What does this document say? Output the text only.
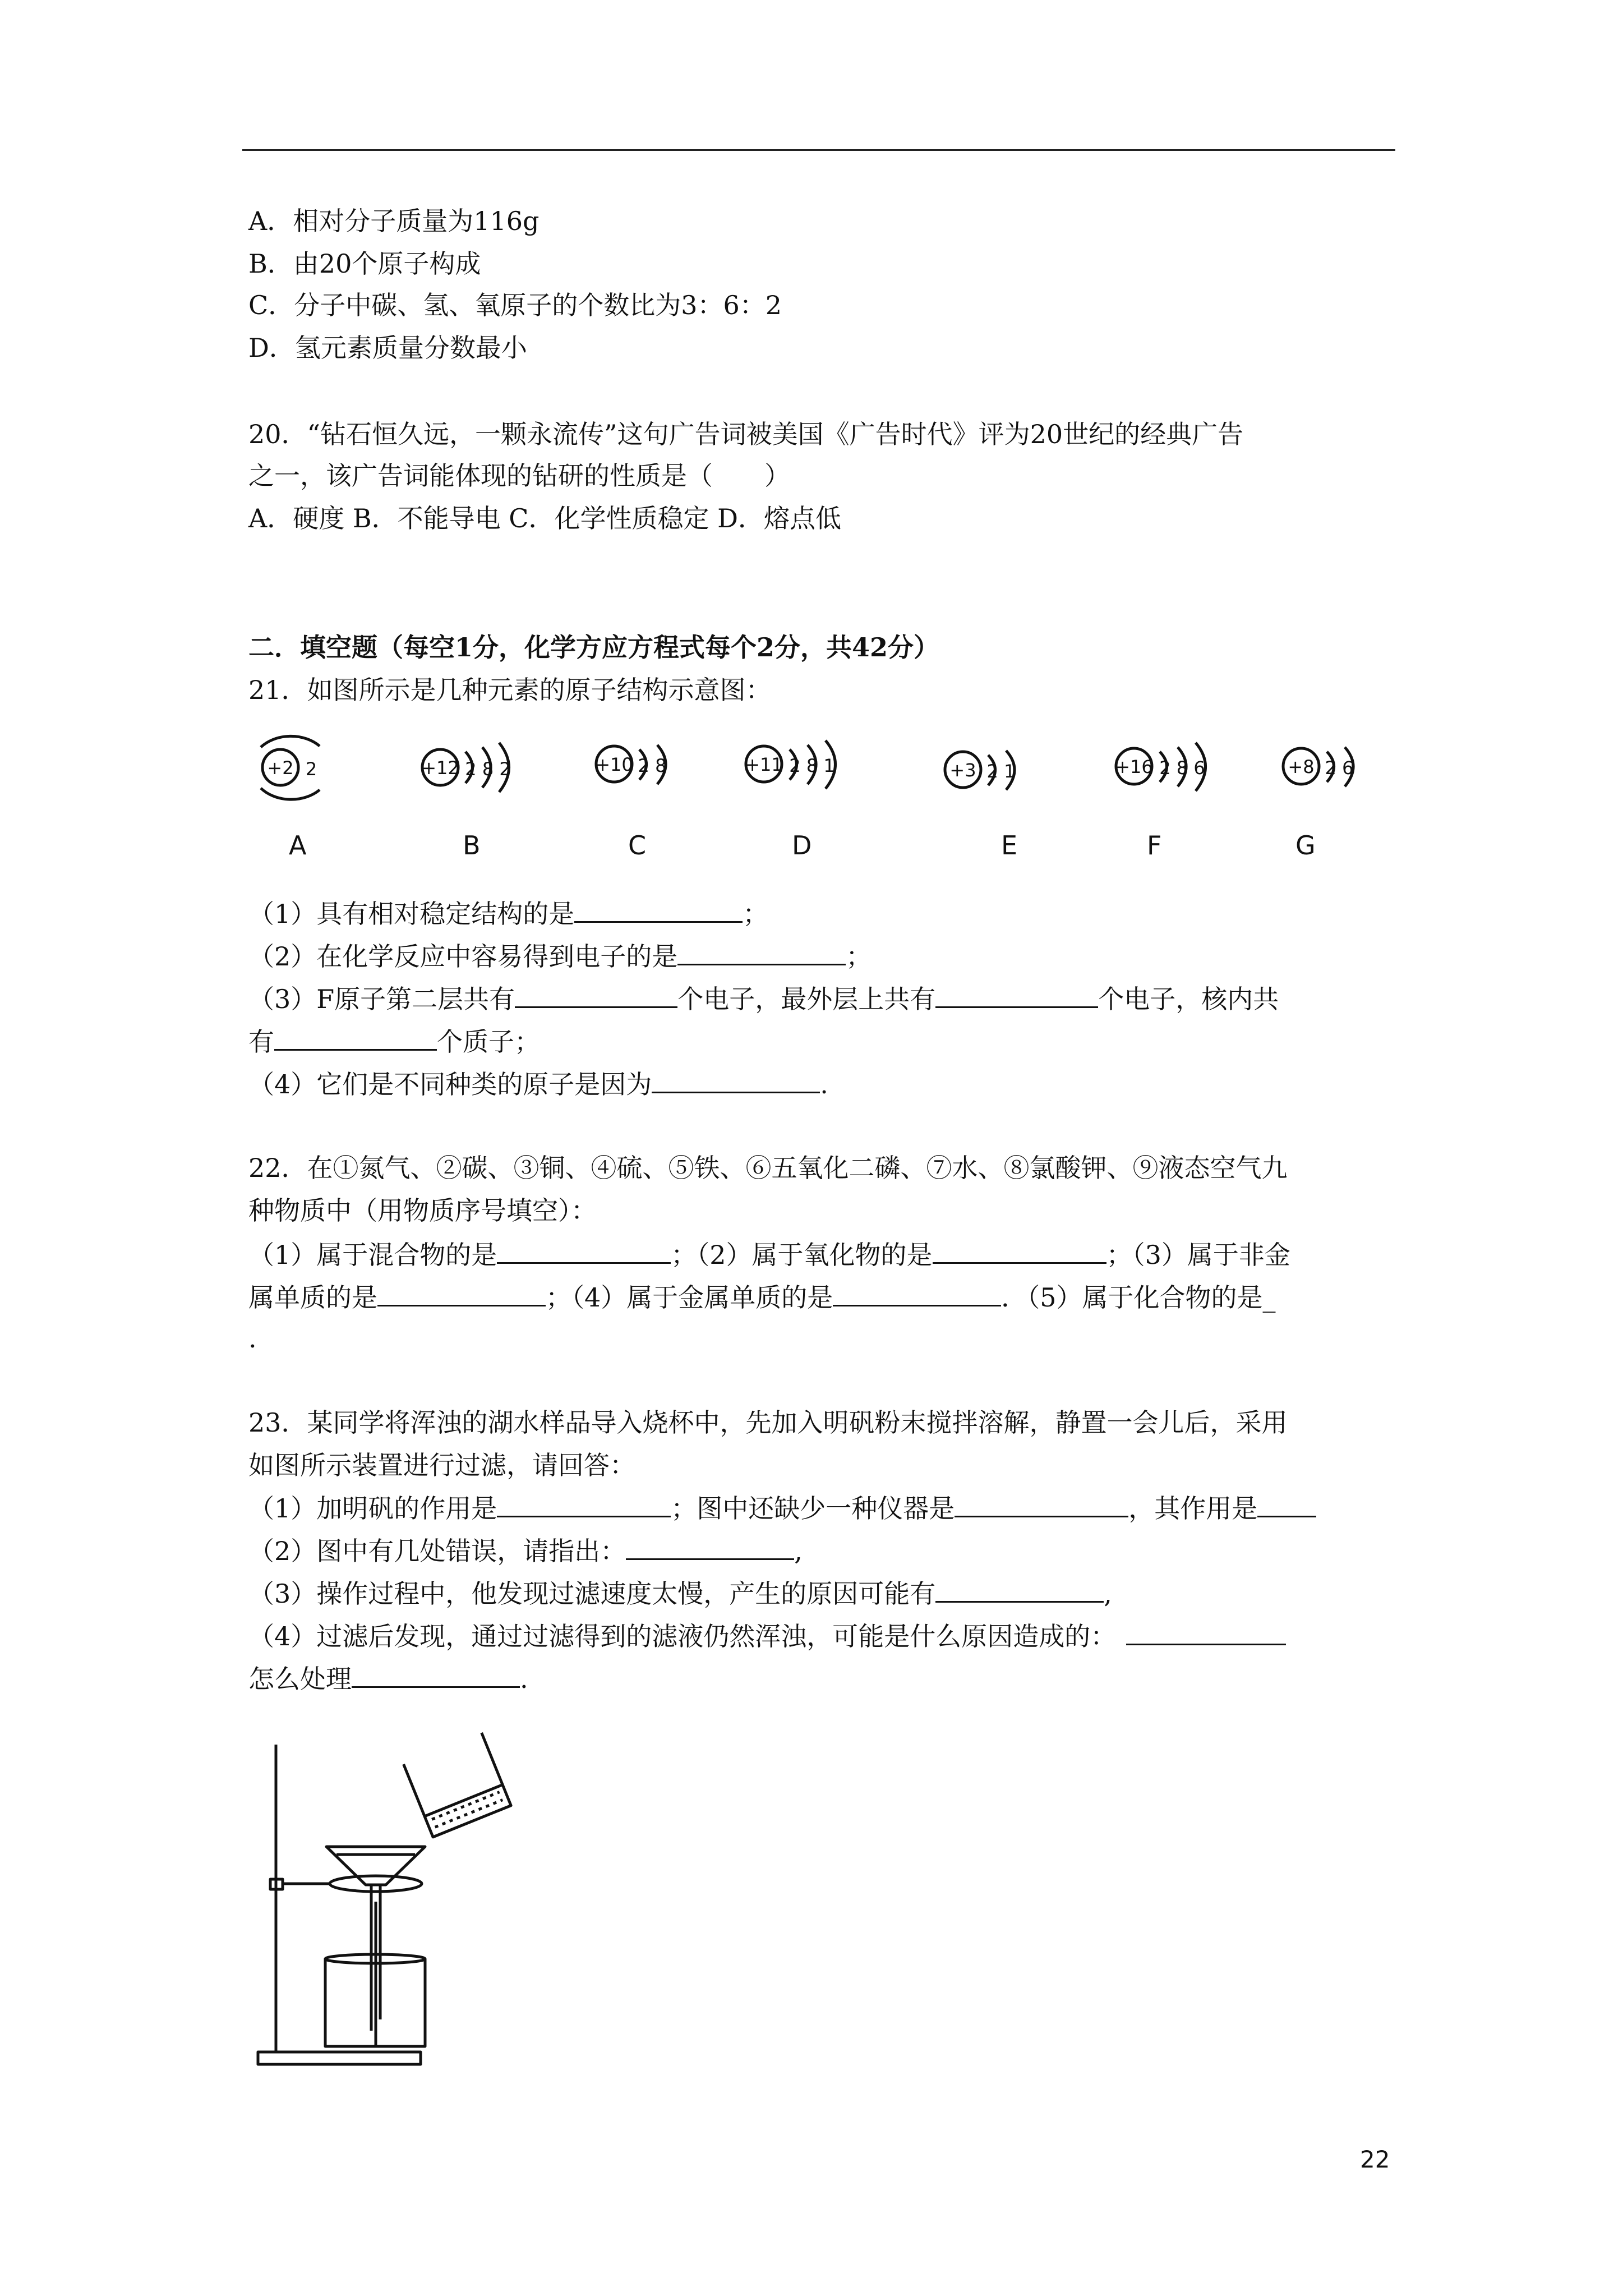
A．相对分子质量为116g
B．由20个原子构成
C．分子中碳、氢、氧原子的个数比为3：6：2
D．氢元素质量分数最小
20．“钻石恒久远，一颗永流传”这句广告词被美国《广告时代》评为20世纪的经典广告
之一，该广告词能体现的钻研的性质是（　　）
A．硬度 B．不能导电 C．化学性质稳定 D．熔点低
二．填空题（每空1分，化学方应方程式每个2分，共42分）
21．如图所示是几种元素的原子结构示意图：
+2 2	+12 2 8 2	+10 2 8	+11 2 8 1	+3 2 1	+16 2 8 6	+8 2 6
A	B	C	D	E	F	G
（1）具有相对稳定结构的是	；
（2）在化学反应中容易得到电子的是	；
（3）F原子第二层共有	个电子，最外层上共有	个电子，核内共
有	个质子；
（4）它们是不同种类的原子是因为	.
22．在①氮气、②碳、③铜、④硫、⑤铁、⑥五氧化二磷、⑦水、⑧氯酸钾、⑨液态空气九
种物质中（用物质序号填空）：
（1）属于混合物的是	；（2）属于氧化物的是	；（3）属于非金
属单质的是	；（4）属于金属单质的是	．（5）属于化合物的是_
.
23．某同学将浑浊的湖水样品导入烧杯中，先加入明矾粉末搅拌溶解，静置一会儿后，采用
如图所示装置进行过滤，请回答：
（1）加明矾的作用是	；图中还缺少一种仪器是	，其作用是
（2）图中有几处错误，请指出：	,
（3）操作过程中，他发现过滤速度太慢，产生的原因可能有	,
（4）过滤后发现，通过过滤得到的滤液仍然浑浊，可能是什么原因造成的：
怎么处理	.
22
